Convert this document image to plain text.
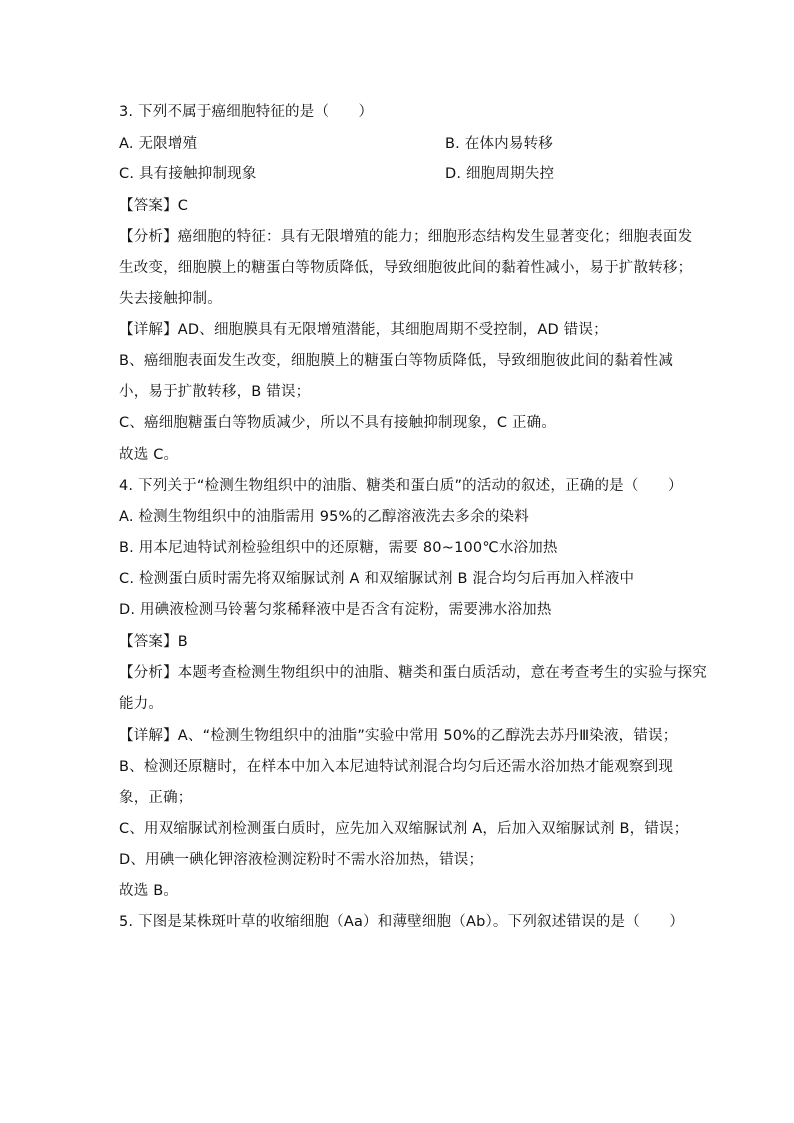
3. 下列不属于癌细胞特征的是（　　）
A. 无限增殖	B. 在体内易转移
C. 具有接触抑制现象	D. 细胞周期失控
【答案】C
【分析】癌细胞的特征：具有无限增殖的能力；细胞形态结构发生显著变化；细胞表面发
生改变，细胞膜上的糖蛋白等物质降低，导致细胞彼此间的黏着性减小，易于扩散转移；
失去接触抑制。
【详解】AD、细胞膜具有无限增殖潜能，其细胞周期不受控制，AD 错误；
B、癌细胞表面发生改变，细胞膜上的糖蛋白等物质降低，导致细胞彼此间的黏着性减
小，易于扩散转移，B 错误；
C、癌细胞糖蛋白等物质减少，所以不具有接触抑制现象，C 正确。
故选 C。
4. 下列关于“检测生物组织中的油脂、糖类和蛋白质”的活动的叙述，正确的是（　　）
A. 检测生物组织中的油脂需用 95%的乙醇溶液洗去多余的染料
B. 用本尼迪特试剂检验组织中的还原糖，需要 80~100℃水浴加热
C. 检测蛋白质时需先将双缩脲试剂 A 和双缩脲试剂 B 混合均匀后再加入样液中
D. 用碘液检测马铃薯匀浆稀释液中是否含有淀粉，需要沸水浴加热
【答案】B
【分析】本题考查检测生物组织中的油脂、糖类和蛋白质活动，意在考查考生的实验与探究
能力。
【详解】A、“检测生物组织中的油脂”实验中常用 50%的乙醇洗去苏丹Ⅲ染液，错误；
B、检测还原糖时，在样本中加入本尼迪特试剂混合均匀后还需水浴加热才能观察到现
象，正确；
C、用双缩脲试剂检测蛋白质时，应先加入双缩脲试剂 A，后加入双缩脲试剂 B，错误；
D、用碘一碘化钾溶液检测淀粉时不需水浴加热，错误；
故选 B。
5. 下图是某株斑叶草的收缩细胞（Aa）和薄壁细胞（Ab）。下列叙述错误的是（　　）
